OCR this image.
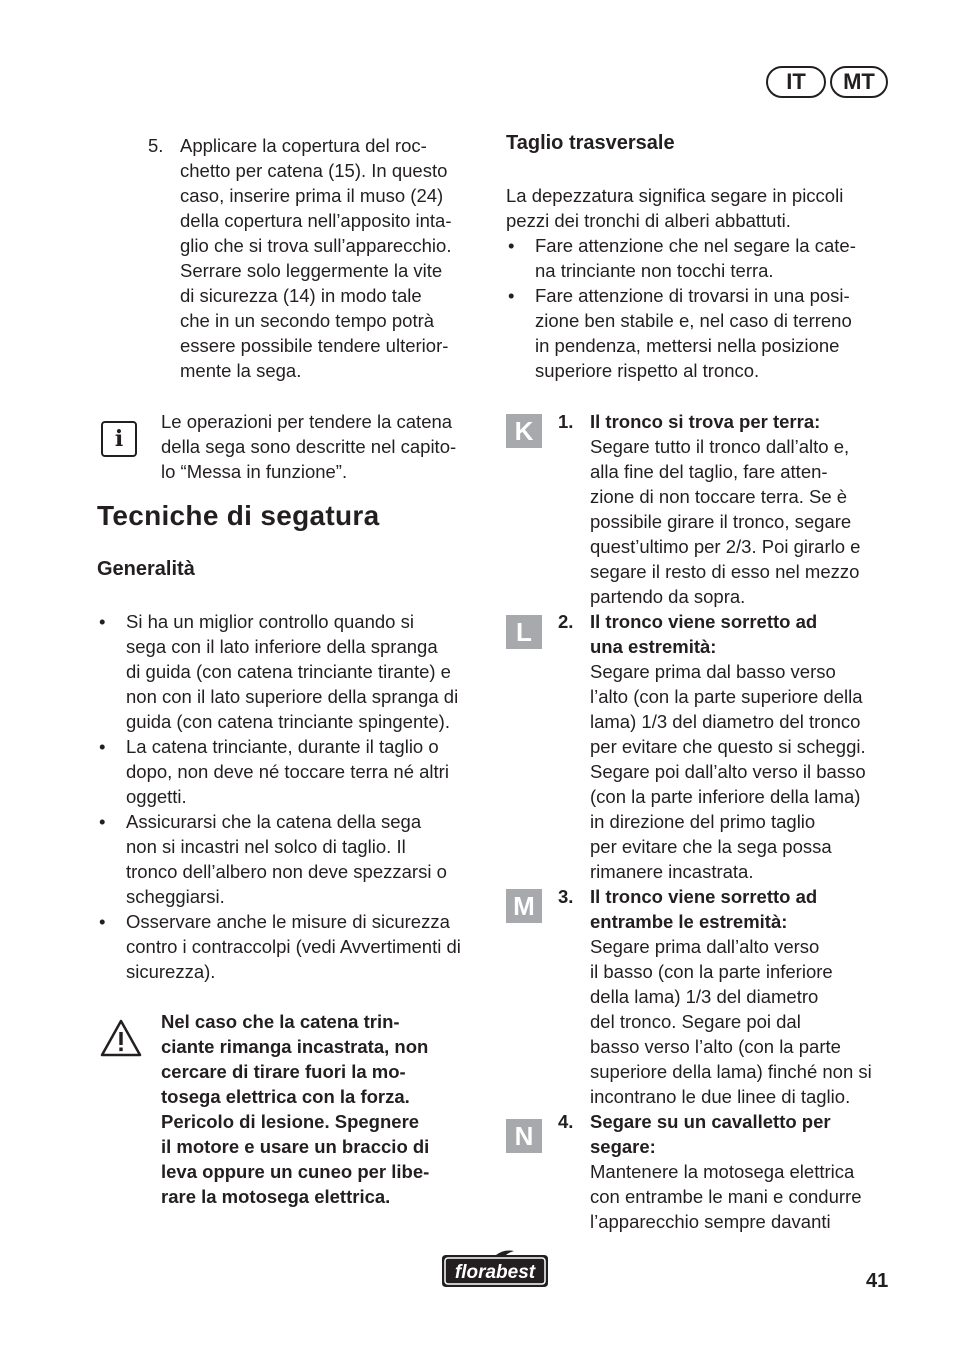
IT	MT
5. Applicare la copertura del roc-
chetto per catena (15). In questo
caso, inserire prima il muso (24)
della copertura nell’apposito inta-
glio che si trova sull’apparecchio.
Serrare solo leggermente la vite
di sicurezza (14) in modo tale
che in un secondo tempo potrà
essere possibile tendere ulterior-
mente la sega.
i
Le operazioni per tendere la catena
della sega sono descritte nel capito-
lo “Messa in funzione”.
Tecniche di segatura
Generalità
• Si ha un miglior controllo quando si
sega con il lato inferiore della spranga
di guida (con catena trinciante tirante) e
non con il lato superiore della spranga di
guida (con catena trinciante spingente).
• La catena trinciante, durante il taglio o
dopo, non deve né toccare terra né altri
oggetti.
• Assicurarsi che la catena della sega
non si incastri nel solco di taglio. Il
tronco dell’albero non deve spezzarsi o
scheggiarsi.
• Osservare anche le misure di sicurezza
contro i contraccolpi (vedi Avvertimenti di
sicurezza).
Nel caso che la catena trin-
ciante rimanga incastrata, non
cercare di tirare fuori la mo-
tosega elettrica con la forza.
Pericolo di lesione. Spegnere
il motore e usare un braccio di
leva oppure un cuneo per libe-
rare la motosega elettrica.
Taglio trasversale
La depezzatura significa segare in piccoli
pezzi dei tronchi di alberi abbattuti.
• Fare attenzione che nel segare la cate-
na trinciante non tocchi terra.
• Fare attenzione di trovarsi in una posi-
zione ben stabile e, nel caso di terreno
in pendenza, mettersi nella posizione
superiore rispetto al tronco.
K	1. Il tronco si trova per terra:
Segare tutto il tronco dall’alto e,
alla fine del taglio, fare atten-
zione di non toccare terra. Se è
possibile girare il tronco, segare
quest’ultimo per 2/3. Poi girarlo e
segare il resto di esso nel mezzo
partendo da sopra.
L	2. Il tronco viene sorretto ad
una estremità:
Segare prima dal basso verso
l’alto (con la parte superiore della
lama) 1/3 del diametro del tronco
per evitare che questo si scheggi.
Segare poi dall’alto verso il basso
(con la parte inferiore della lama)
in direzione del primo taglio
per evitare che la sega possa
rimanere incastrata.
M	3. Il tronco viene sorretto ad
entrambe le estremità:
Segare prima dall’alto verso
il basso (con la parte inferiore
della lama) 1/3 del diametro
del tronco. Segare poi dal
basso verso l’alto (con la parte
superiore della lama) finché non si
incontrano le due linee di taglio.
N	4. Segare su un cavalletto per
segare:
Mantenere la motosega elettrica
con entrambe le mani e condurre
l’apparecchio sempre davanti
florabest	41
